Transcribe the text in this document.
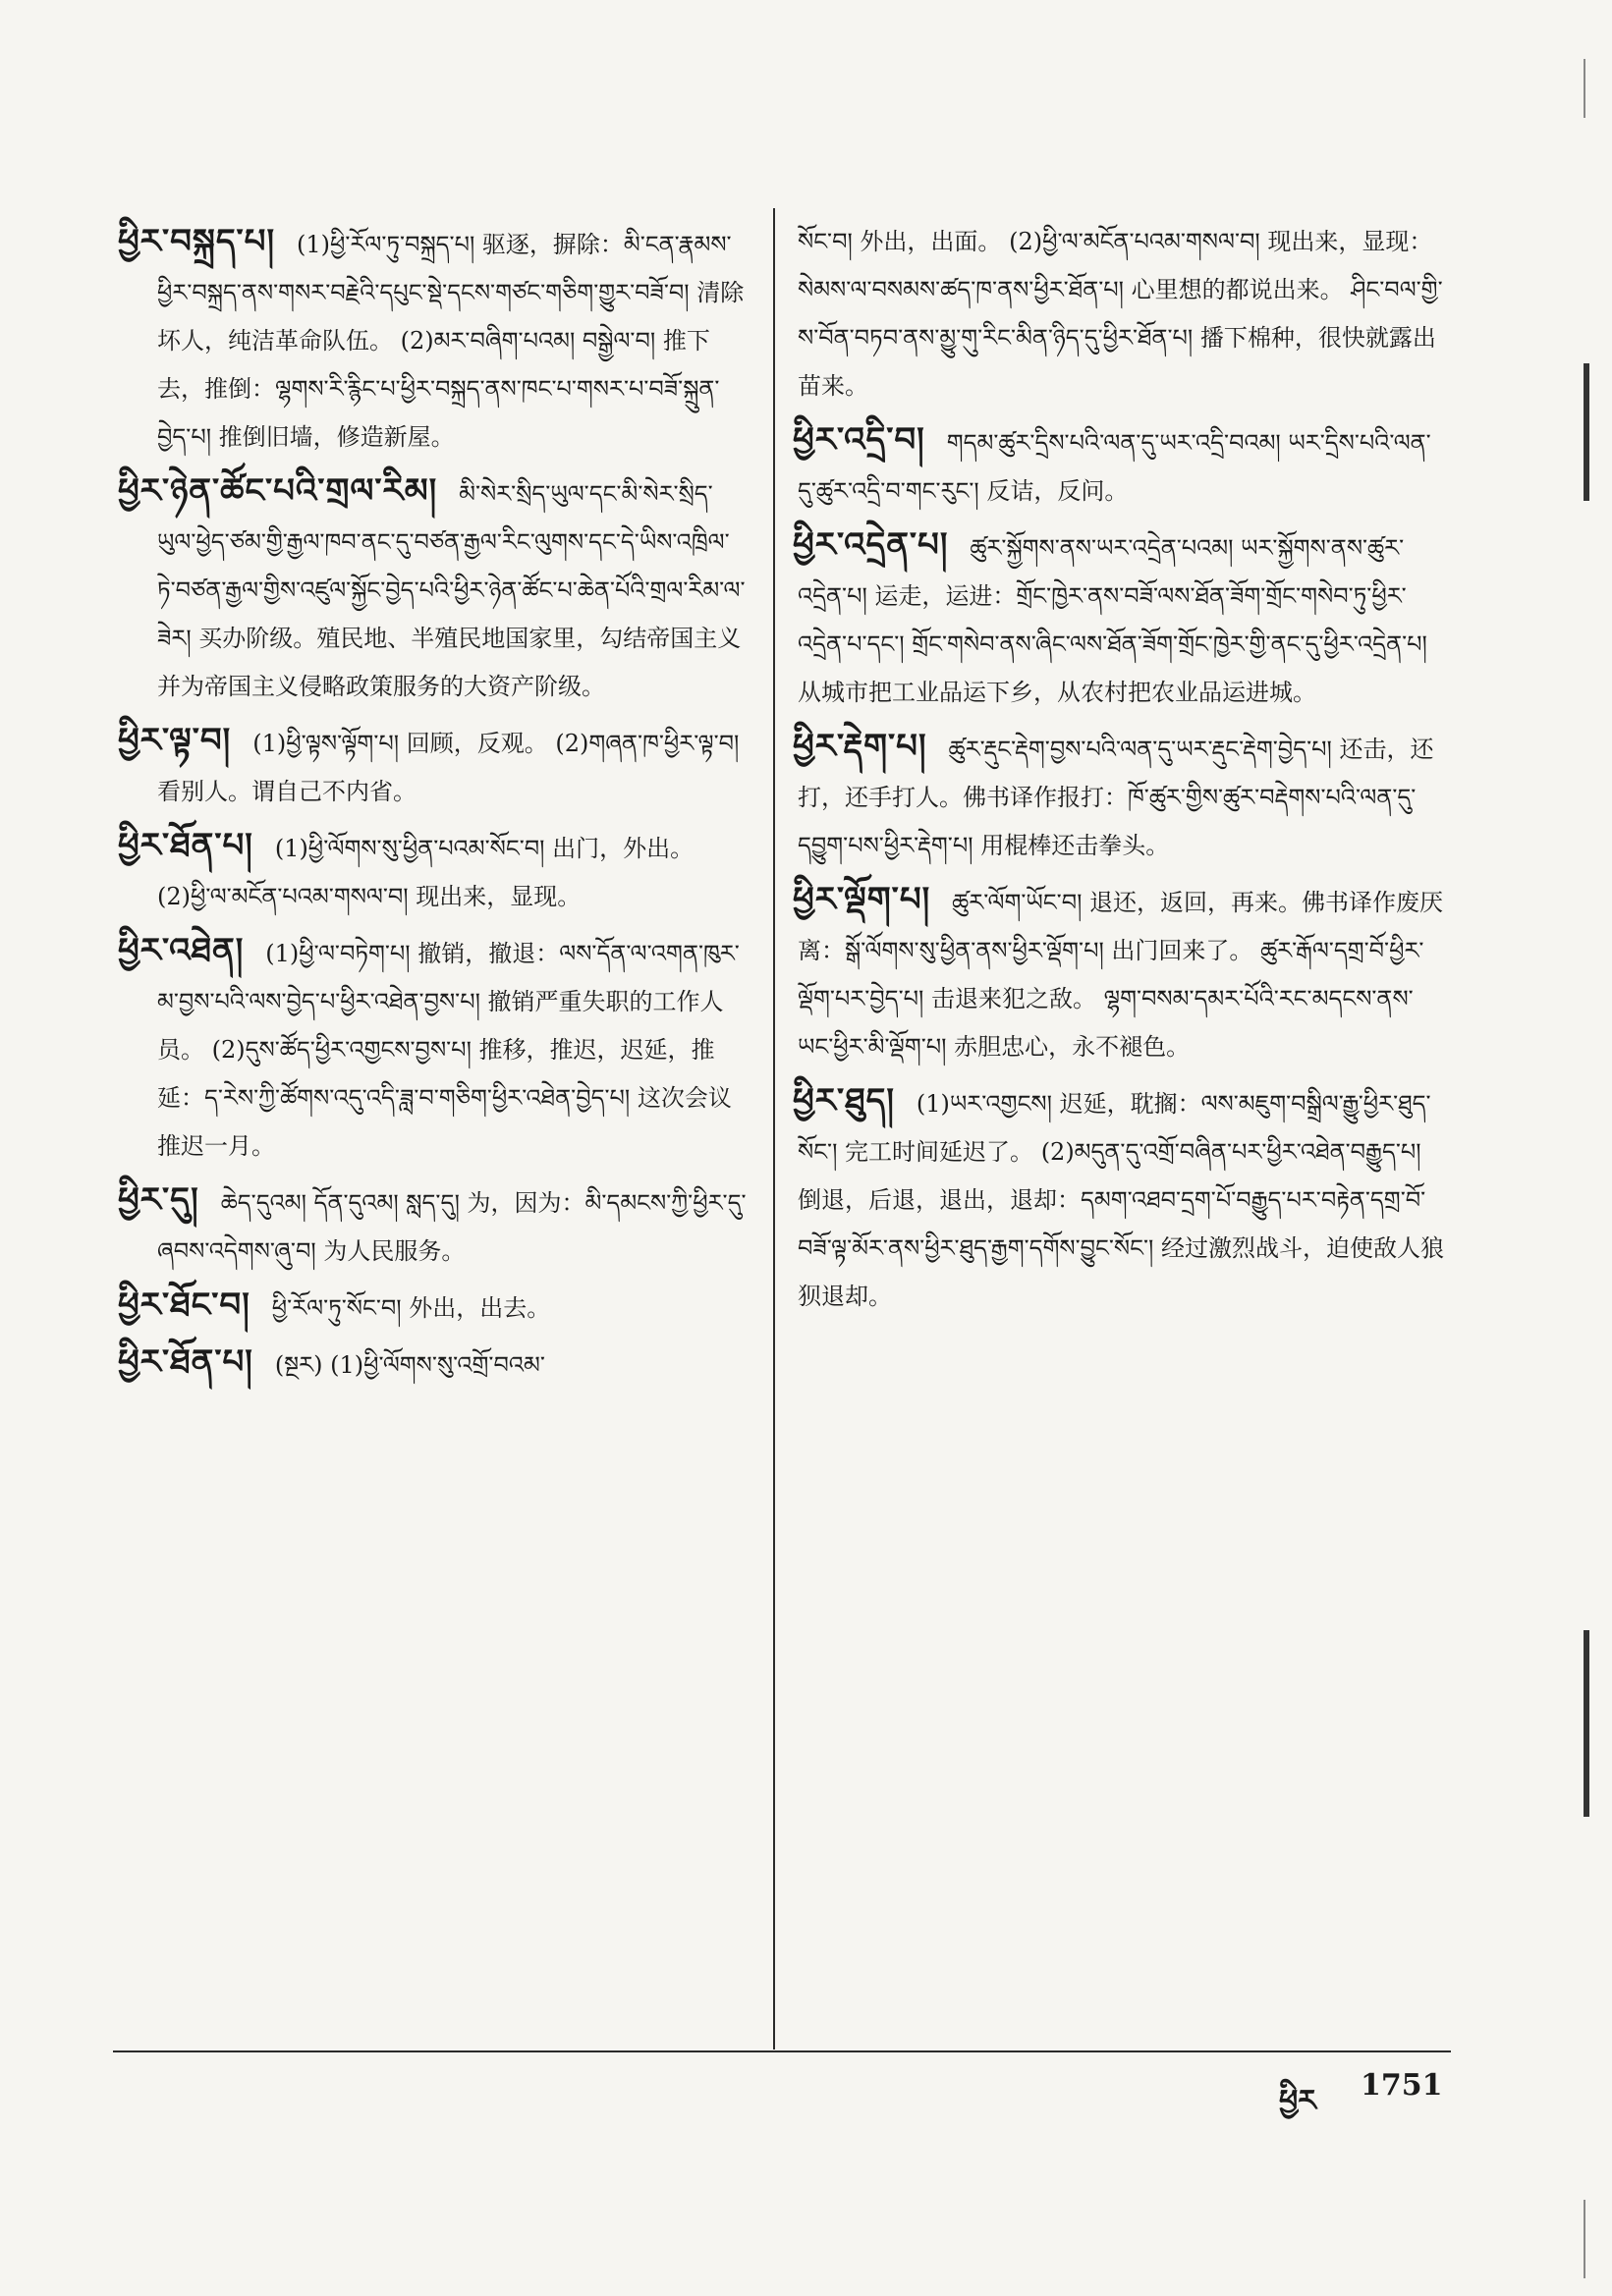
ཕྱིར་བསྐྲད་པ། (1)ཕྱི་རོལ་ཏུ་བསྐྲད་པ། 驱逐，摒除：མི་ངན་རྣམས་ཕྱིར་བསྐྲད་ནས་གསར་བརྗེའི་དཔུང་སྡེ་དངས་གཙང་གཅིག་གྱུར་བཟོ་བ། 清除坏人，纯洁革命队伍。 (2)མར་བཞིག་པའམ། བསྒྱེལ་བ། 推下去，推倒：ལྷགས་རི་རྙིང་པ་ཕྱིར་བསྐྲད་ནས་ཁང་པ་གསར་པ་བཟོ་སྐྲུན་བྱེད་པ། 推倒旧墙，修造新屋。

ཕྱིར་ཉེན་ཚོང་པའི་གྲལ་རིམ། མི་སེར་སྲིད་ཡུལ་དང་མི་སེར་སྲིད་ཡུལ་ཕྱེད་ཙམ་གྱི་རྒྱལ་ཁབ་ནང་དུ་བཙན་རྒྱལ་རིང་ལུགས་དང་དེ་ཡིས་འཁྲིལ་ཏེ་བཙན་རྒྱལ་གྱིས་འཛུལ་སྐྱོང་བྱེད་པའི་ཕྱིར་ཉེན་ཚོང་པ་ཆེན་པོའི་གྲལ་རིམ་ལ་ཟེར། 买办阶级。殖民地、半殖民地国家里，勾结帝国主义并为帝国主义侵略政策服务的大资产阶级。

ཕྱིར་ལྟ་བ། (1)ཕྱི་ལྟས་ལྟོག་པ། 回顾，反观。 (2)གཞན་ཁ་ཕྱིར་ལྟ་བ། 看别人。谓自己不内省。

ཕྱིར་ཐོན་པ། (1)ཕྱི་ལོགས་སུ་ཕྱིན་པའམ་སོང་བ། 出门，外出。 (2)ཕྱི་ལ་མངོན་པའམ་གསལ་བ། 现出来，显现。

ཕྱིར་འཐེན། (1)ཕྱི་ལ་བཏེག་པ། 撤销，撤退：ལས་དོན་ལ་འགན་ཁུར་མ་བྱས་པའི་ལས་བྱེད་པ་ཕྱིར་འཐེན་བྱས་པ། 撤销严重失职的工作人员。 (2)དུས་ཚོད་ཕྱིར་འགྱངས་བྱས་པ། 推移，推迟，迟延，推延：ད་རེས་ཀྱི་ཚོགས་འདུ་འདི་ཟླ་བ་གཅིག་ཕྱིར་འཐེན་བྱེད་པ། 这次会议推迟一月。

ཕྱིར་དུ། ཆེད་དུའམ། དོན་དུའམ། སླད་དུ། 为，因为：མི་དམངས་ཀྱི་ཕྱིར་དུ་ཞབས་འདེགས་ཞུ་བ། 为人民服务。

ཕྱིར་ཐོང་བ། ཕྱི་རོལ་ཏུ་སོང་བ། 外出，出去。

ཕྱིར་ཐོན་པ། (སྔར) (1)ཕྱི་ལོགས་སུ་འགྲོ་བའམ་

སོང་བ། 外出，出面。 (2)ཕྱི་ལ་མངོན་པའམ་གསལ་བ། 现出来，显现：སེམས་ལ་བསམས་ཚད་ཁ་ནས་ཕྱིར་ཐོན་པ། 心里想的都说出来。 ཤིང་བལ་གྱི་ས་བོན་བཏབ་ནས་མྱུ་གུ་རིང་མིན་ཉིད་དུ་ཕྱིར་ཐོན་པ། 播下棉种，很快就露出苗来。

ཕྱིར་འདྲི་བ། གདམ་ཚུར་དྲིས་པའི་ལན་དུ་ཡར་འདྲི་བའམ། ཡར་དྲིས་པའི་ལན་དུ་ཚུར་འདྲི་བ་གང་རུང་། 反诘，反问。

ཕྱིར་འདྲེན་པ། ཚུར་སྐྱོགས་ནས་ཡར་འདྲེན་པའམ། ཡར་སྐྱོགས་ནས་ཚུར་འདྲེན་པ། 运走，运进：གྲོང་ཁྱེར་ནས་བཟོ་ལས་ཐོན་ཟོག་གྲོང་གསེབ་ཏུ་ཕྱིར་འདྲེན་པ་དང་། གྲོང་གསེབ་ནས་ཞིང་ལས་ཐོན་ཟོག་གྲོང་ཁྱེར་གྱི་ནང་དུ་ཕྱིར་འདྲེན་པ། 从城市把工业品运下乡，从农村把农业品运进城。

ཕྱིར་རྡེག་པ། ཚུར་རྡུང་རྡེག་བྱས་པའི་ལན་དུ་ཡར་རྡུང་རྡེག་བྱེད་པ། 还击，还打，还手打人。佛书译作报打：ཁོ་ཚུར་གྱིས་ཚུར་བརྡེགས་པའི་ལན་དུ་དབྱུག་པས་ཕྱིར་རྡེག་པ། 用棍棒还击拳头。

ཕྱིར་ལྡོག་པ། ཚུར་ལོག་ཡོང་བ། 退还，返回，再来。佛书译作废厌离：སྒོ་ལོགས་སུ་ཕྱིན་ནས་ཕྱིར་ལྡོག་པ། 出门回来了。 ཚུར་རྒོལ་དགྲ་བོ་ཕྱིར་ལྡོག་པར་བྱེད་པ། 击退来犯之敌。 ལྷག་བསམ་དམར་པོའི་རང་མདངས་ནས་ཡང་ཕྱིར་མི་ལྡོག་པ། 赤胆忠心，永不褪色。

ཕྱིར་ཐུད། (1)ཡར་འགྱངས། 迟延，耽搁：ལས་མཇུག་བསྒྲིལ་རྒྱུ་ཕྱིར་ཐུད་སོང་། 完工时间延迟了。 (2)མདུན་དུ་འགྲོ་བཞིན་པར་ཕྱིར་འཐེན་བརྒྱུད་པ། 倒退，后退，退出，退却：དམག་འཐབ་དྲག་པོ་བརྒྱུད་པར་བརྟེན་དགྲ་བོ་བཟོ་ལྟ་མོར་ནས་ཕྱིར་ཐུད་རྒྱག་དགོས་བྱུང་སོང་། 经过激烈战斗，迫使敌人狼狈退却。

ཕྱིར 1751
